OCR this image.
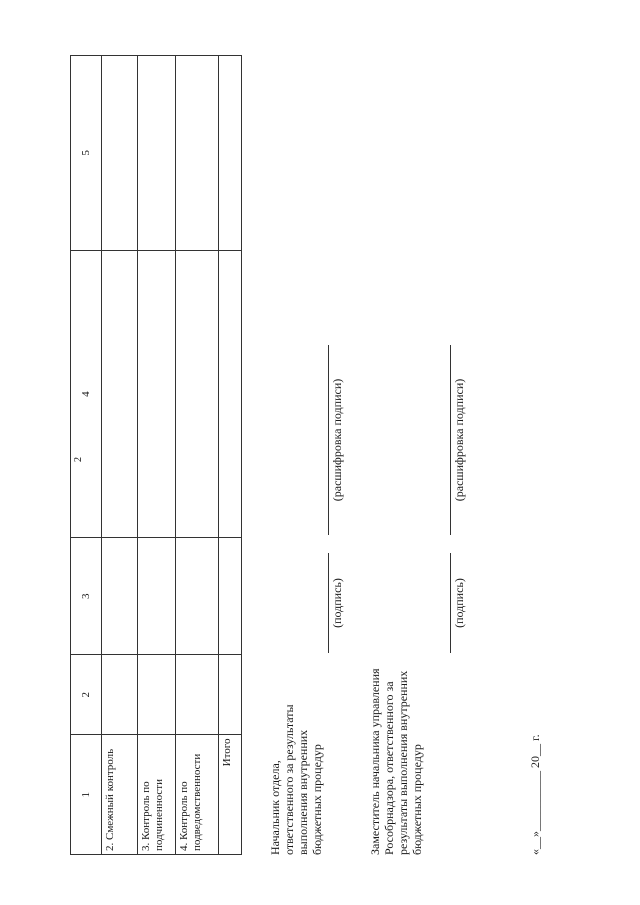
2
1	2	3	4	5
2. Смежный контроль				
3. Контроль по подчиненности				
4. Контроль по подведомственности				
Итого				
Начальник отдела, ответственного за результаты выполнения внутренних бюджетных процедур
(подпись)
(расшифровка подписи)
Заместитель начальника управления Рособрнадзора, ответственного за результаты выполнения внутренних бюджетных процедур
(подпись)
(расшифровка подписи)
«__»__________ 20__ г.
